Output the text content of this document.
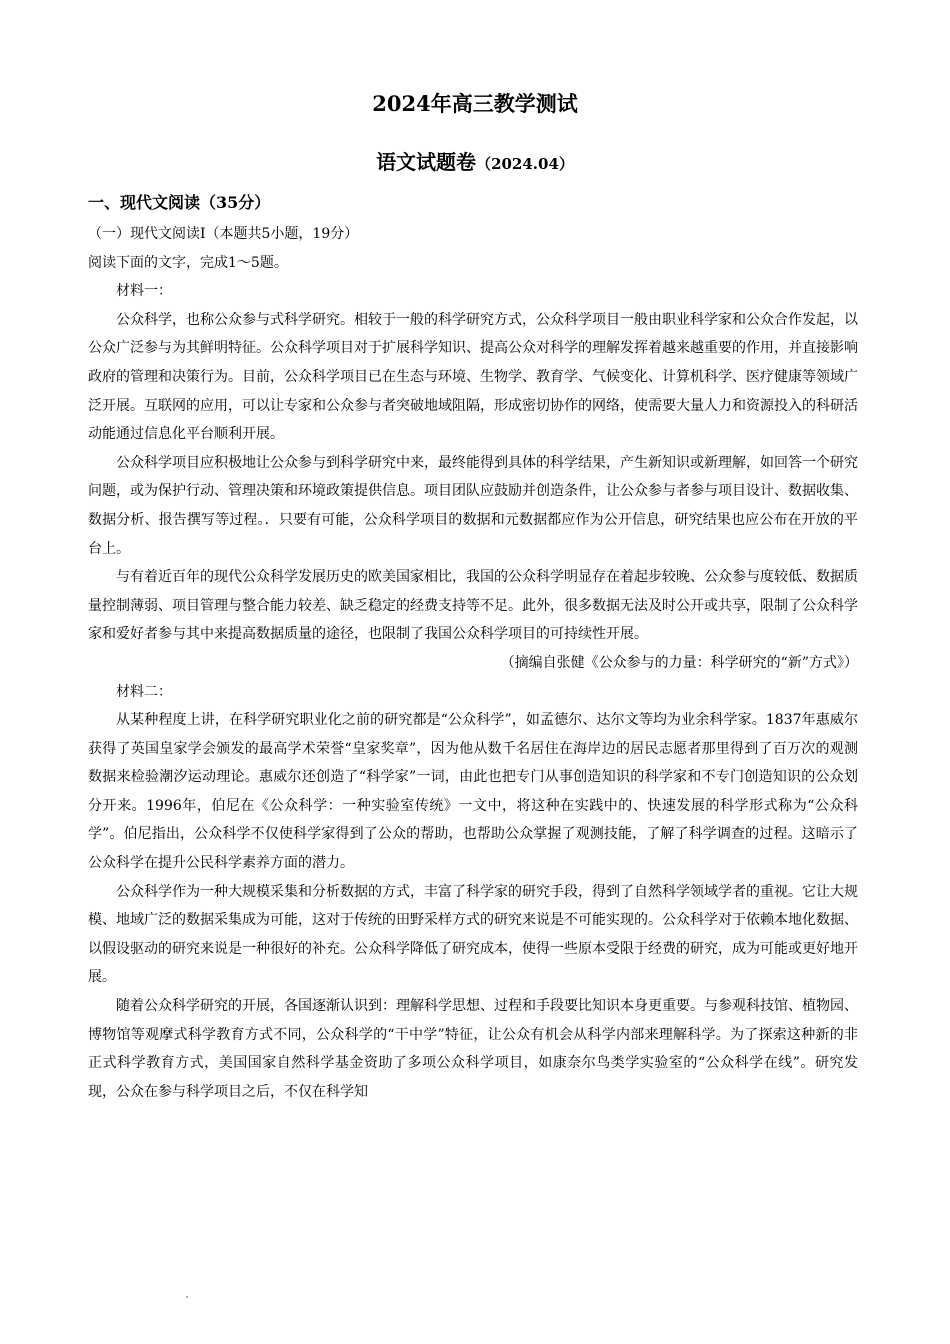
2024年高三教学测试
语文试题卷（2024.04）
一、现代文阅读（35分）

（一）现代文阅读Ⅰ（本题共5小题，19分）

阅读下面的文字，完成1～5题。

材料一：

公众科学，也称公众参与式科学研究。相较于一般的科学研究方式，公众科学项目一般由职业科学家和公众合作发起，以公众广泛参与为其鲜明特征。公众科学项目对于扩展科学知识、提高公众对科学的理解发挥着越来越重要的作用，并直接影响政府的管理和决策行为。目前，公众科学项目已在生态与环境、生物学、教育学、气候变化、计算机科学、医疗健康等领域广泛开展。互联网的应用，可以让专家和公众参与者突破地域阻隔，形成密切协作的网络，使需要大量人力和资源投入的科研活动能通过信息化平台顺利开展。

公众科学项目应积极地让公众参与到科学研究中来，最终能得到具体的科学结果，产生新知识或新理解，如回答一个研究问题，或为保护行动、管理决策和环境政策提供信息。项目团队应鼓励并创造条件，让公众参与者参与项目设计、数据收集、数据分析、报告撰写等过程。．只要有可能，公众科学项目的数据和元数据都应作为公开信息，研究结果也应公布在开放的平台上。

与有着近百年的现代公众科学发展历史的欧美国家相比，我国的公众科学明显存在着起步较晚、公众参与度较低、数据质量控制薄弱、项目管理与整合能力较差、缺乏稳定的经费支持等不足。此外，很多数据无法及时公开或共享，限制了公众科学家和爱好者参与其中来提高数据质量的途径，也限制了我国公众科学项目的可持续性开展。

（摘编自张健《公众参与的力量：科学研究的“新”方式》）

材料二：

从某种程度上讲，在科学研究职业化之前的研究都是“公众科学”，如孟德尔、达尔文等均为业余科学家。1837年惠威尔获得了英国皇家学会颁发的最高学术荣誉“皇家奖章”，因为他从数千名居住在海岸边的居民志愿者那里得到了百万次的观测数据来检验潮汐运动理论。惠威尔还创造了“科学家”一词，由此也把专门从事创造知识的科学家和不专门创造知识的公众划分开来。1996年，伯尼在《公众科学：一种实验室传统》一文中，将这种在实践中的、快速发展的科学形式称为“公众科学”。伯尼指出，公众科学不仅使科学家得到了公众的帮助，也帮助公众掌握了观测技能，了解了科学调查的过程。这暗示了公众科学在提升公民科学素养方面的潜力。

公众科学作为一种大规模采集和分析数据的方式，丰富了科学家的研究手段，得到了自然科学领域学者的重视。它让大规模、地域广泛的数据采集成为可能，这对于传统的田野采样方式的研究来说是不可能实现的。公众科学对于依赖本地化数据、以假设驱动的研究来说是一种很好的补充。公众科学降低了研究成本，使得一些原本受限于经费的研究，成为可能或更好地开展。

随着公众科学研究的开展，各国逐渐认识到：理解科学思想、过程和手段要比知识本身更重要。与参观科技馆、植物园、博物馆等观摩式科学教育方式不同，公众科学的“干中学”特征，让公众有机会从科学内部来理解科学。为了探索这种新的非正式科学教育方式，美国国家自然科学基金资助了多项公众科学项目，如康奈尔鸟类学实验室的“公众科学在线”。研究发现，公众在参与科学项目之后，不仅在科学知
